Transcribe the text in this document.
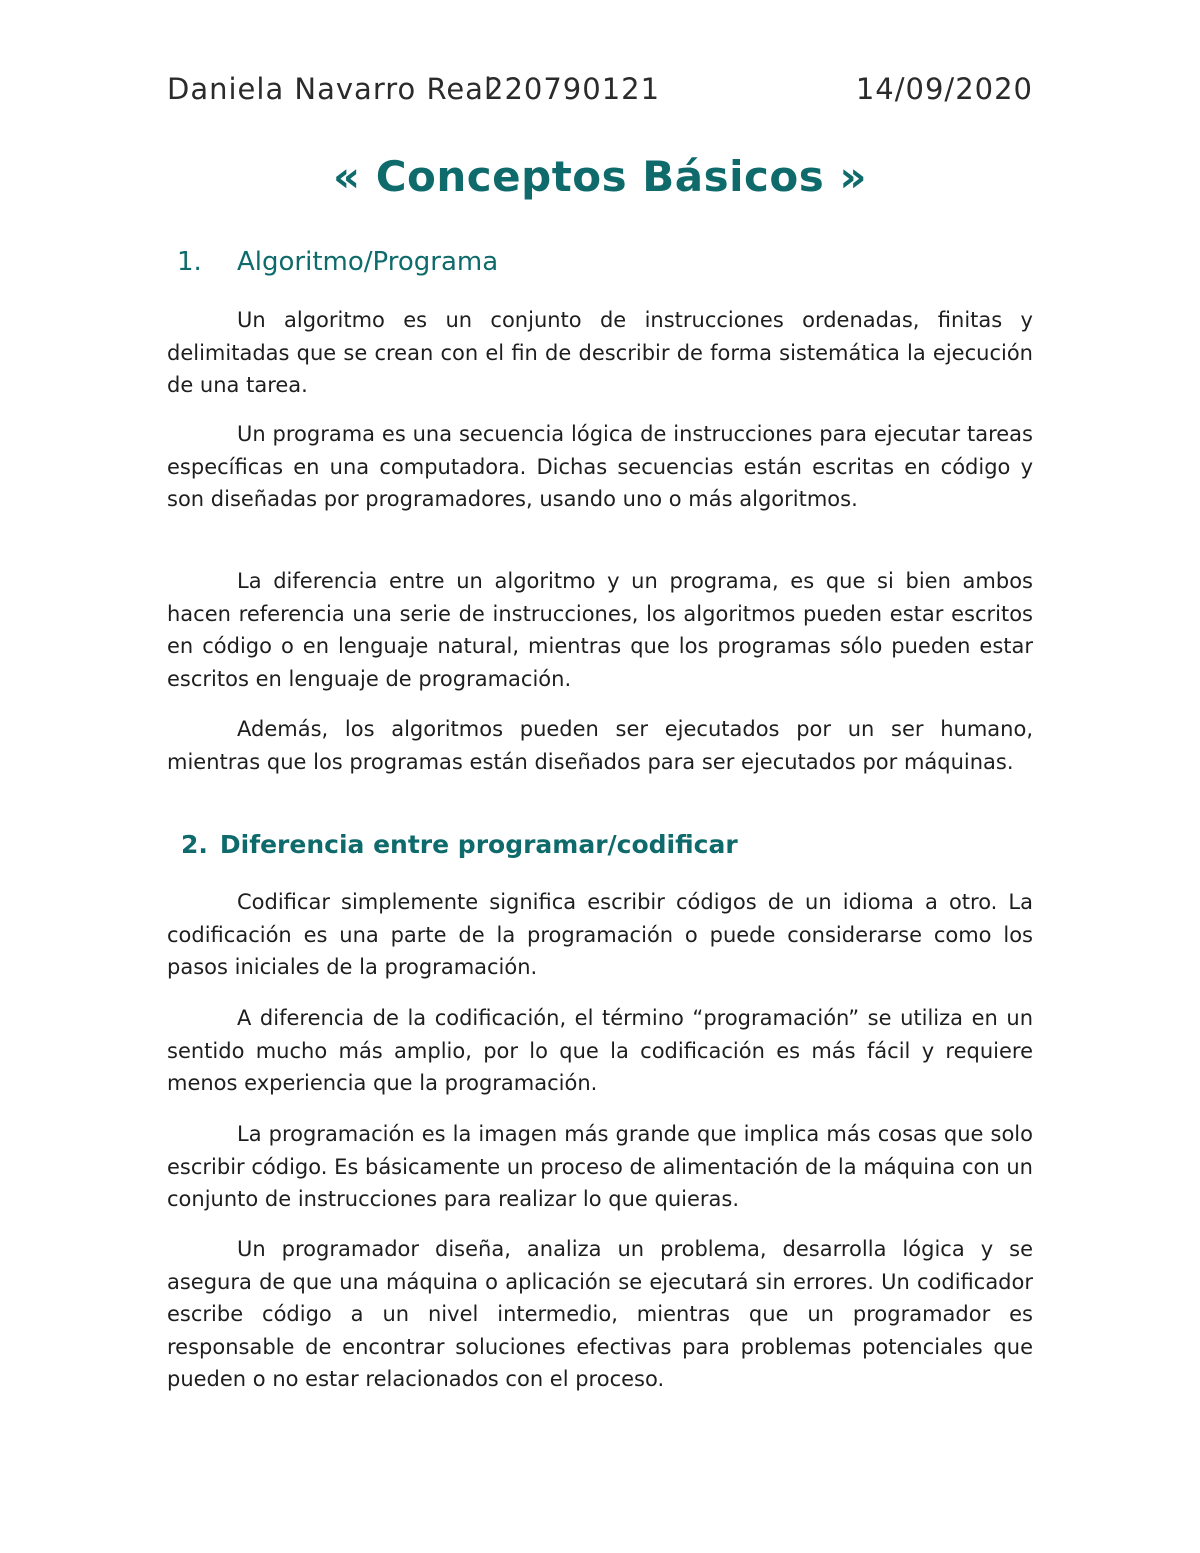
Daniela Navarro Real
220790121	14/09/2020
« Conceptos Básicos »
1. Algoritmo/Programa

Un algoritmo es un conjunto de instrucciones ordenadas, finitas y delimitadas que se crean con el fin de describir de forma sistemática la ejecución de una tarea.

Un programa es una secuencia lógica de instrucciones para ejecutar tareas específicas en una computadora. Dichas secuencias están escritas en código y son diseñadas por programadores, usando uno o más algoritmos.

La diferencia entre un algoritmo y un programa, es que si bien ambos hacen referencia una serie de instrucciones, los algoritmos pueden estar escritos en código o en lenguaje natural, mientras que los programas sólo pueden estar escritos en lenguaje de programación.

Además, los algoritmos pueden ser ejecutados por un ser humano, mientras que los programas están diseñados para ser ejecutados por máquinas.

2. Diferencia entre programar/codificar

Codificar simplemente significa escribir códigos de un idioma a otro. La codificación es una parte de la programación o puede considerarse como los pasos iniciales de la programación.

A diferencia de la codificación, el término “programación” se utiliza en un sentido mucho más amplio, por lo que la codificación es más fácil y requiere menos experiencia que la programación.

La programación es la imagen más grande que implica más cosas que solo escribir código. Es básicamente un proceso de alimentación de la máquina con un conjunto de instrucciones para realizar lo que quieras.

Un programador diseña, analiza un problema, desarrolla lógica y se asegura de que una máquina o aplicación se ejecutará sin errores. Un codificador escribe código a un nivel intermedio, mientras que un programador es responsable de encontrar soluciones efectivas para problemas potenciales que pueden o no estar relacionados con el proceso.
